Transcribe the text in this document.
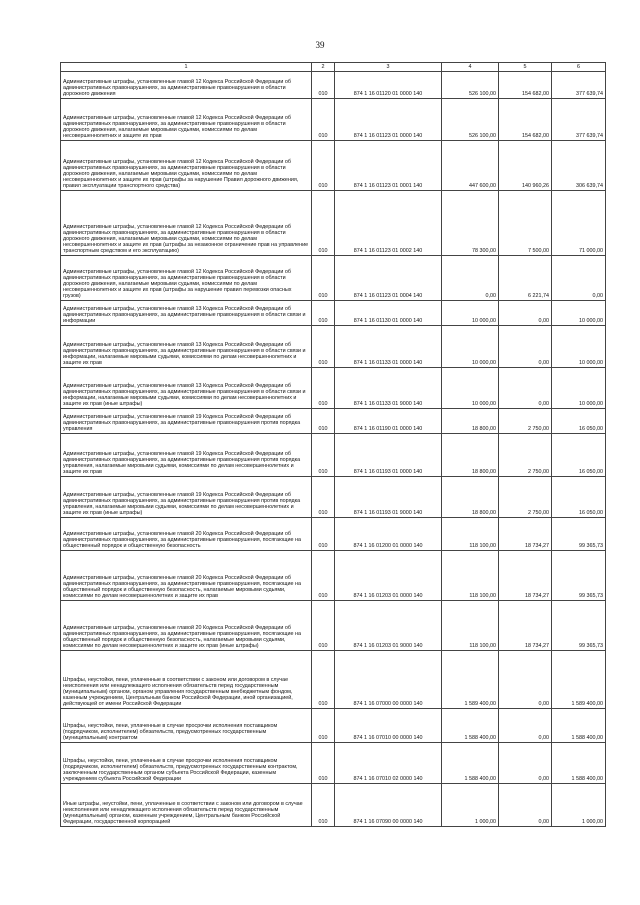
39
1	2	3	4	5	6
Административные штрафы, установленные главой 12 Кодекса Российской Федерации об административных правонарушениях, за административные правонарушения в области дорожного движения	010	874 1 16 01120 01 0000 140	526 100,00	154 682,00	377 639,74
Административные штрафы, установленные главой 12 Кодекса Российской Федерации об административных правонарушениях, за административные правонарушения в области дорожного движения, налагаемые мировыми судьями, комиссиями по делам несовершеннолетних и защите их прав	010	874 1 16 01123 01 0000 140	526 100,00	154 682,00	377 639,74
Административные штрафы, установленные главой 12 Кодекса Российской Федерации об административных правонарушениях, за административные правонарушения в области дорожного движения, налагаемые мировыми судьями, комиссиями по делам несовершеннолетних и защите их прав (штрафы за нарушение Правил дорожного движения, правил эксплуатации транспортного средства)	010	874 1 16 01123 01 0001 140	447 600,00	140 960,26	306 639,74
Административные штрафы, установленные главой 12 Кодекса Российской Федерации об административных правонарушениях, за административные правонарушения в области дорожного движения, налагаемые мировыми судьями, комиссиями по делам несовершеннолетних и защите их прав (штрафы за незаконное ограничение прав на управление транспортным средством и его эксплуатацию)	010	874 1 16 01123 01 0002 140	78 300,00	7 500,00	71 000,00
Административные штрафы, установленные главой 12 Кодекса Российской Федерации об административных правонарушениях, за административные правонарушения в области дорожного движения, налагаемые мировыми судьями, комиссиями по делам несовершеннолетних и защите их прав (штрафы за нарушение правил перевозки опасных грузов)	010	874 1 16 01123 01 0004 140	0,00	6 221,74	0,00
Административные штрафы, установленные главой 13 Кодекса Российской Федерации об административных правонарушениях, за административные правонарушения в области связи и информации	010	874 1 16 01130 01 0000 140	10 000,00	0,00	10 000,00
Административные штрафы, установленные главой 13 Кодекса Российской Федерации об административных правонарушениях, за административные правонарушения в области связи и информации, налагаемые мировыми судьями, комиссиями по делам несовершеннолетних и защите их прав	010	874 1 16 01133 01 0000 140	10 000,00	0,00	10 000,00
Административные штрафы, установленные главой 13 Кодекса Российской Федерации об административных правонарушениях, за административные правонарушения в области связи и информации, налагаемые мировыми судьями, комиссиями по делам несовершеннолетних и защите их прав (иные штрафы)	010	874 1 16 01133 01 9000 140	10 000,00	0,00	10 000,00
Административные штрафы, установленные главой 19 Кодекса Российской Федерации об административных правонарушениях, за административные правонарушения против порядка управления	010	874 1 16 01190 01 0000 140	18 800,00	2 750,00	16 050,00
Административные штрафы, установленные главой 19 Кодекса Российской Федерации об административных правонарушениях, за административные правонарушения против порядка управления, налагаемые мировыми судьями, комиссиями по делам несовершеннолетних и защите их прав	010	874 1 16 01193 01 0000 140	18 800,00	2 750,00	16 050,00
Административные штрафы, установленные главой 19 Кодекса Российской Федерации об административных правонарушениях, за административные правонарушения против порядка управления, налагаемые мировыми судьями, комиссиями по делам несовершеннолетних и защите их прав (иные штрафы)	010	874 1 16 01193 01 9000 140	18 800,00	2 750,00	16 050,00
Административные штрафы, установленные главой 20 Кодекса Российской Федерации об административных правонарушениях, за административные правонарушения, посягающие на общественный порядок и общественную безопасность	010	874 1 16 01200 01 0000 140	118 100,00	18 734,27	99 365,73
Административные штрафы, установленные главой 20 Кодекса Российской Федерации об административных правонарушениях, за административные правонарушения, посягающие на общественный порядок и общественную безопасность, налагаемые мировыми судьями, комиссиями по делам несовершеннолетних и защите их прав	010	874 1 16 01203 01 0000 140	118 100,00	18 734,27	99 365,73
Административные штрафы, установленные главой 20 Кодекса Российской Федерации об административных правонарушениях, за административные правонарушения, посягающие на общественный порядок и общественную безопасность, налагаемые мировыми судьями, комиссиями по делам несовершеннолетних и защите их прав (иные штрафы)	010	874 1 16 01203 01 9000 140	118 100,00	18 734,27	99 365,73
Штрафы, неустойки, пени, уплаченные в соответствии с законом или договором в случае неисполнения или ненадлежащего исполнения обязательств перед государственным (муниципальным) органом, органом управления государственным внебюджетным фондом, казенным учреждением, Центральным банком Российской Федерации, иной организацией, действующей от имени Российской Федерации	010	874 1 16 07000 00 0000 140	1 589 400,00	0,00	1 589 400,00
Штрафы, неустойки, пени, уплаченные в случае просрочки исполнения поставщиком (подрядчиком, исполнителем) обязательств, предусмотренных государственным (муниципальным) контрактом	010	874 1 16 07010 00 0000 140	1 588 400,00	0,00	1 588 400,00
Штрафы, неустойки, пени, уплаченные в случае просрочки исполнения поставщиком (подрядчиком, исполнителем) обязательств, предусмотренных государственным контрактом, заключенным государственным органом субъекта Российской Федерации, казенным учреждением субъекта Российской Федерации	010	874 1 16 07010 02 0000 140	1 588 400,00	0,00	1 588 400,00
Иные штрафы, неустойки, пени, уплаченные в соответствии с законом или договором в случае неисполнения или ненадлежащего исполнения обязательств перед государственным (муниципальным) органом, казенным учреждением, Центральным банком Российской Федерации, государственной корпорацией	010	874 1 16 07090 00 0000 140	1 000,00	0,00	1 000,00
